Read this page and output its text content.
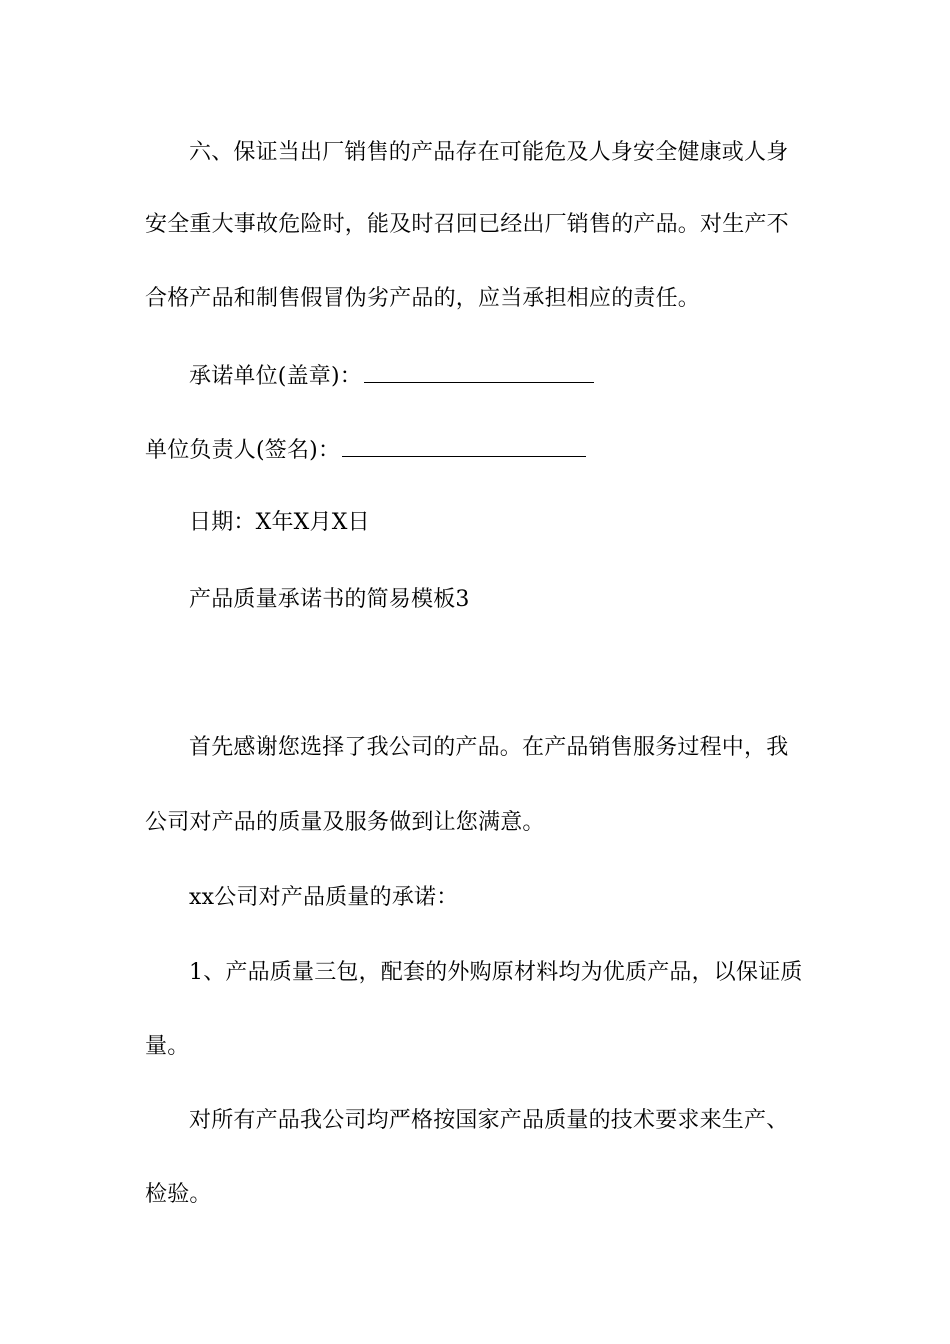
六、保证当出厂销售的产品存在可能危及人身安全健康或人身
安全重大事故危险时，能及时召回已经出厂销售的产品。对生产不
合格产品和制售假冒伪劣产品的，应当承担相应的责任。
承诺单位(盖章)：
单位负责人(签名)：
日期：X年X月X日
产品质量承诺书的简易模板3
首先感谢您选择了我公司的产品。在产品销售服务过程中，我
公司对产品的质量及服务做到让您满意。
xx公司对产品质量的承诺：
1、产品质量三包，配套的外购原材料均为优质产品，以保证质
量。
对所有产品我公司均严格按国家产品质量的技术要求来生产、
检验。
